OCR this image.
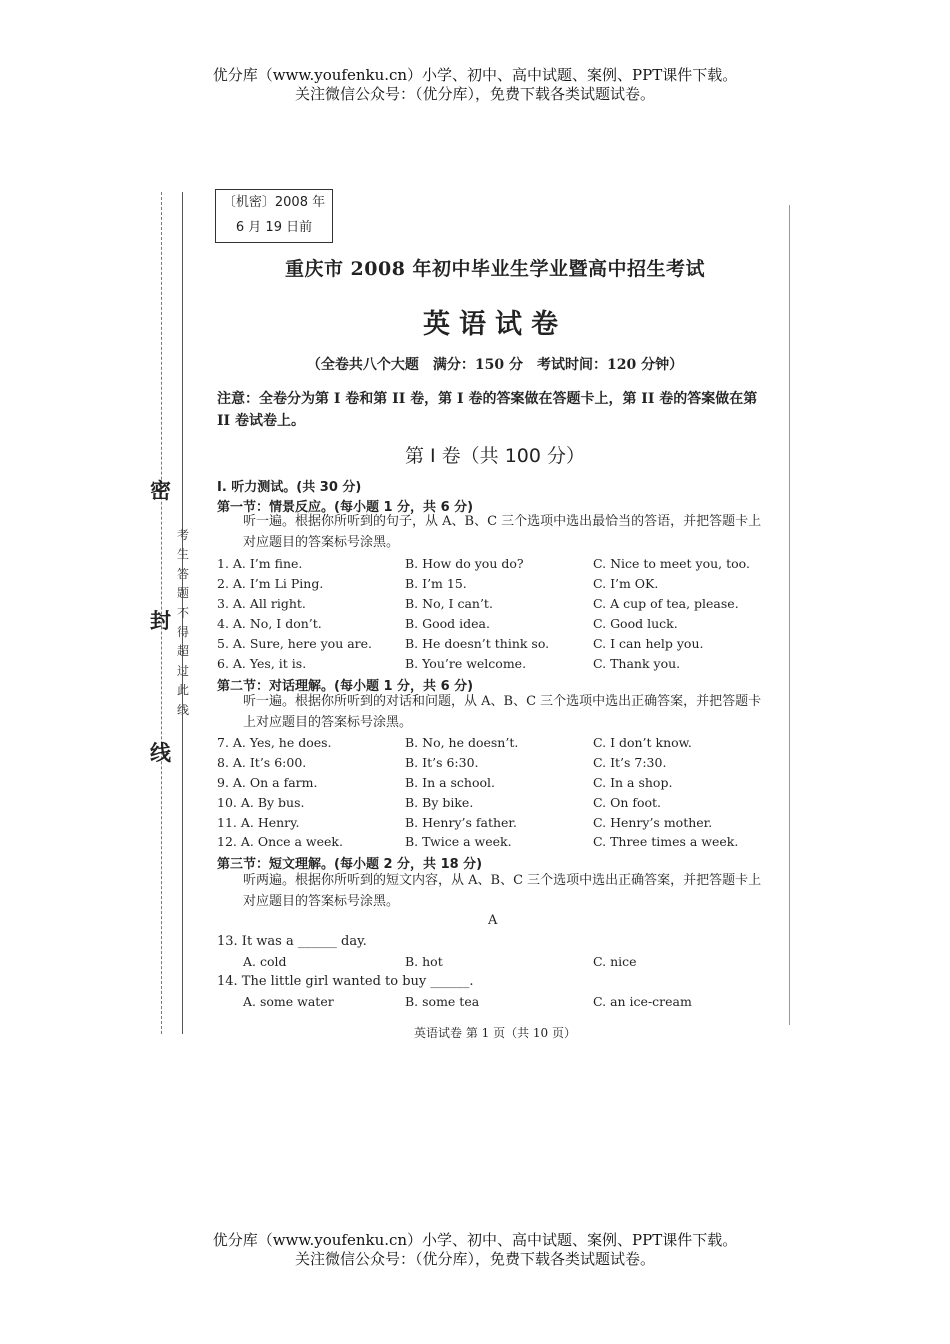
优分库（www.youfenku.cn）小学、初中、高中试题、案例、PPT课件下载。
关注微信公众号：（优分库），免费下载各类试题试卷。
密
封
线
考
生
答
题
不
得
超
过
此
线
〔机密〕2008 年
6 月 19 日前
重庆市 2008 年初中毕业生学业暨高中招生考试
英语试卷
（全卷共八个大题　满分：150 分　考试时间：120 分钟）
注意：全卷分为第 I 卷和第 II 卷，第 I 卷的答案做在答题卡上，第 II 卷的答案做在第 II 卷试卷上。
第 I 卷（共 100 分）
I. 听力测试。(共 30 分)
第一节：情景反应。(每小题 1 分，共 6 分)
听一遍。根据你所听到的句子，从 A、B、C 三个选项中选出最恰当的答语，并把答题卡上对应题目的答案标号涂黑。
1. A. I’m fine.	B. How do you do?	C. Nice to meet you, too.
2. A. I’m Li Ping.	B. I’m 15.	C. I’m OK.
3. A. All right.	B. No, I can’t.	C. A cup of tea, please.
4. A. No, I don’t.	B. Good idea.	C. Good luck.
5. A. Sure, here you are.	B. He doesn’t think so.	C. I can help you.
6. A. Yes, it is.	B. You’re welcome.	C. Thank you.
第二节：对话理解。(每小题 1 分，共 6 分)
听一遍。根据你所听到的对话和问题，从 A、B、C 三个选项中选出正确答案，并把答题卡上对应题目的答案标号涂黑。
7. A. Yes, he does.	B. No, he doesn’t.	C. I don’t know.
8. A. It’s 6:00.	B. It’s 6:30.	C. It’s 7:30.
9. A. On a farm.	B. In a school.	C. In a shop.
10. A. By bus.	B. By bike.	C. On foot.
11. A. Henry.	B. Henry’s father.	C. Henry’s mother.
12. A. Once a week.	B. Twice a week.	C. Three times a week.
第三节：短文理解。(每小题 2 分，共 18 分)
听两遍。根据你所听到的短文内容，从 A、B、C 三个选项中选出正确答案，并把答题卡上对应题目的答案标号涂黑。
A
13. It was a ______ day.
A. cold	B. hot	C. nice
14. The little girl wanted to buy ______.
A. some water	B. some tea	C. an ice-cream
英语试卷 第 1 页（共 10 页）
优分库（www.youfenku.cn）小学、初中、高中试题、案例、PPT课件下载。
关注微信公众号：（优分库），免费下载各类试题试卷。
